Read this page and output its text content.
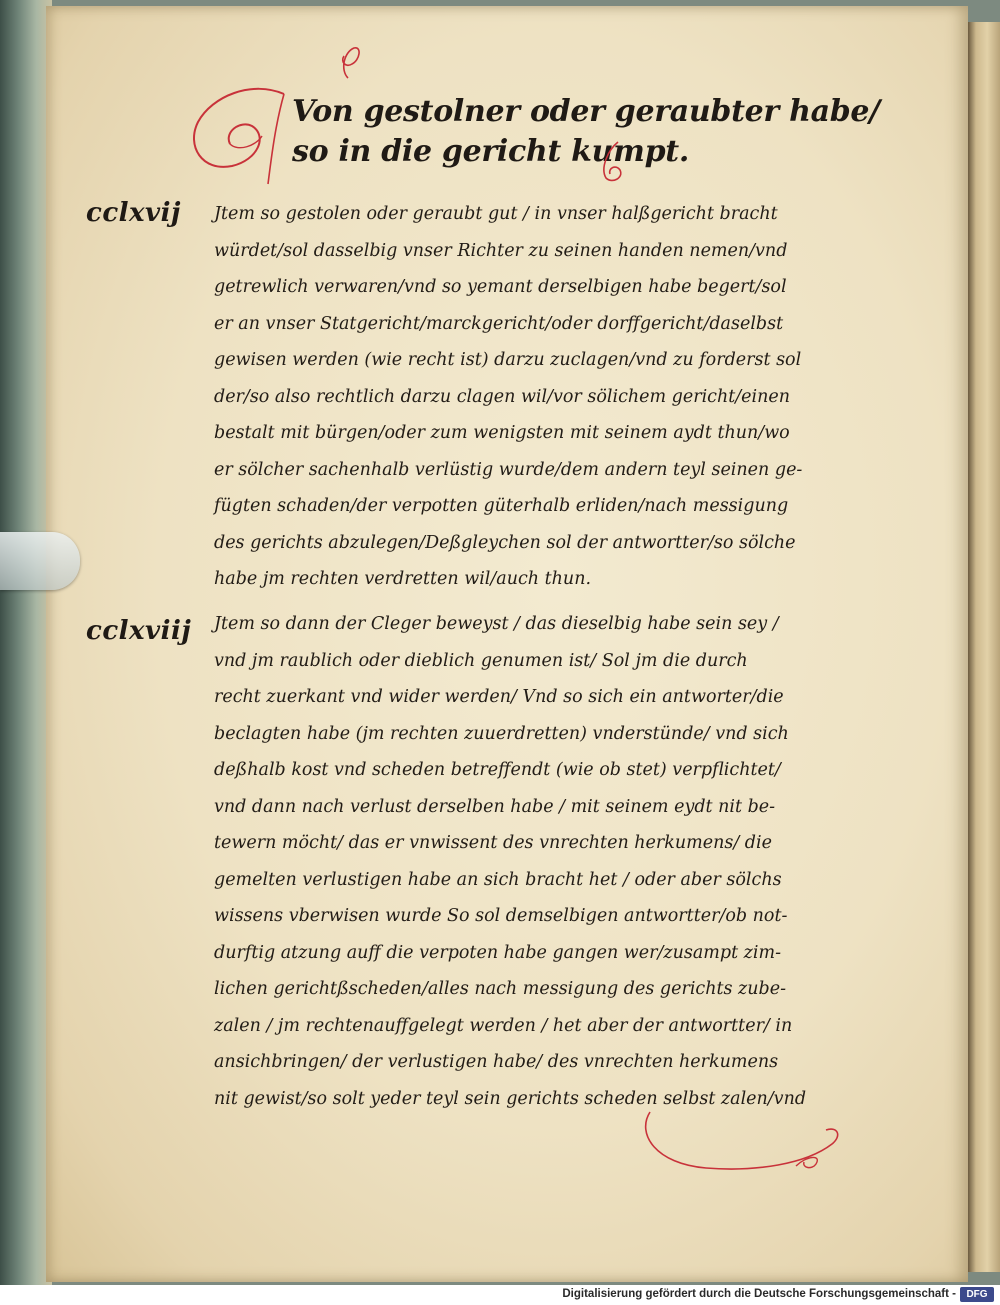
Von gestolner oder geraubter habe/
so in die gericht kumpt.
cclxvij Jtem so gestolen oder geraubt gut / in vnser halßgericht bracht
würdet/sol dasselbig vnser Richter zu seinen handen nemen/vnd
getrewlich verwaren/vnd so yemant derselbigen habe begert/sol
er an vnser Statgericht/marckgericht/oder dorffgericht/daselbst
gewisen werden (wie recht ist) darzu zuclagen/vnd zu forderst sol
der/so also rechtlich darzu clagen wil/vor sölichem gericht/einen
bestalt mit bürgen/oder zum wenigsten mit seinem aydt thun/wo
er sölcher sachenhalb verlüstig wurde/dem andern teyl seinen ge-
fügten schaden/der verpotten güterhalb erliden/nach messigung
des gerichts abzulegen/Deßgleychen sol der antwortter/so sölche
habe jm rechten verdretten wil/auch thun.
cclxviij Jtem so dann der Cleger beweyst / das dieselbig habe sein sey /
vnd jm raublich oder dieblich genumen ist/ Sol jm die durch
recht zuerkant vnd wider werden/ Vnd so sich ein antworter/die
beclagten habe (jm rechten zuuerdretten) vnderstünde/ vnd sich
deßhalb kost vnd scheden betreffendt (wie ob stet) verpflichtet/
vnd dann nach verlust derselben habe / mit seinem eydt nit be-
tewern möcht/ das er vnwissent des vnrechten herkumens/ die
gemelten verlustigen habe an sich bracht het / oder aber sölchs
wissens vberwisen wurde So sol demselbigen antwortter/ob not-
durftig atzung auff die verpoten habe gangen wer/zusampt zim-
lichen gerichtßscheden/alles nach messigung des gerichts zube-
zalen / jm rechtenauffgelegt werden / het aber der antwortter/ in
ansichbringen/ der verlustigen habe/ des vnrechten herkumens
nit gewist/so solt yeder teyl sein gerichts scheden selbst zalen/vnd
Digitalisierung gefördert durch die Deutsche Forschungsgemeinschaft -	DFG
